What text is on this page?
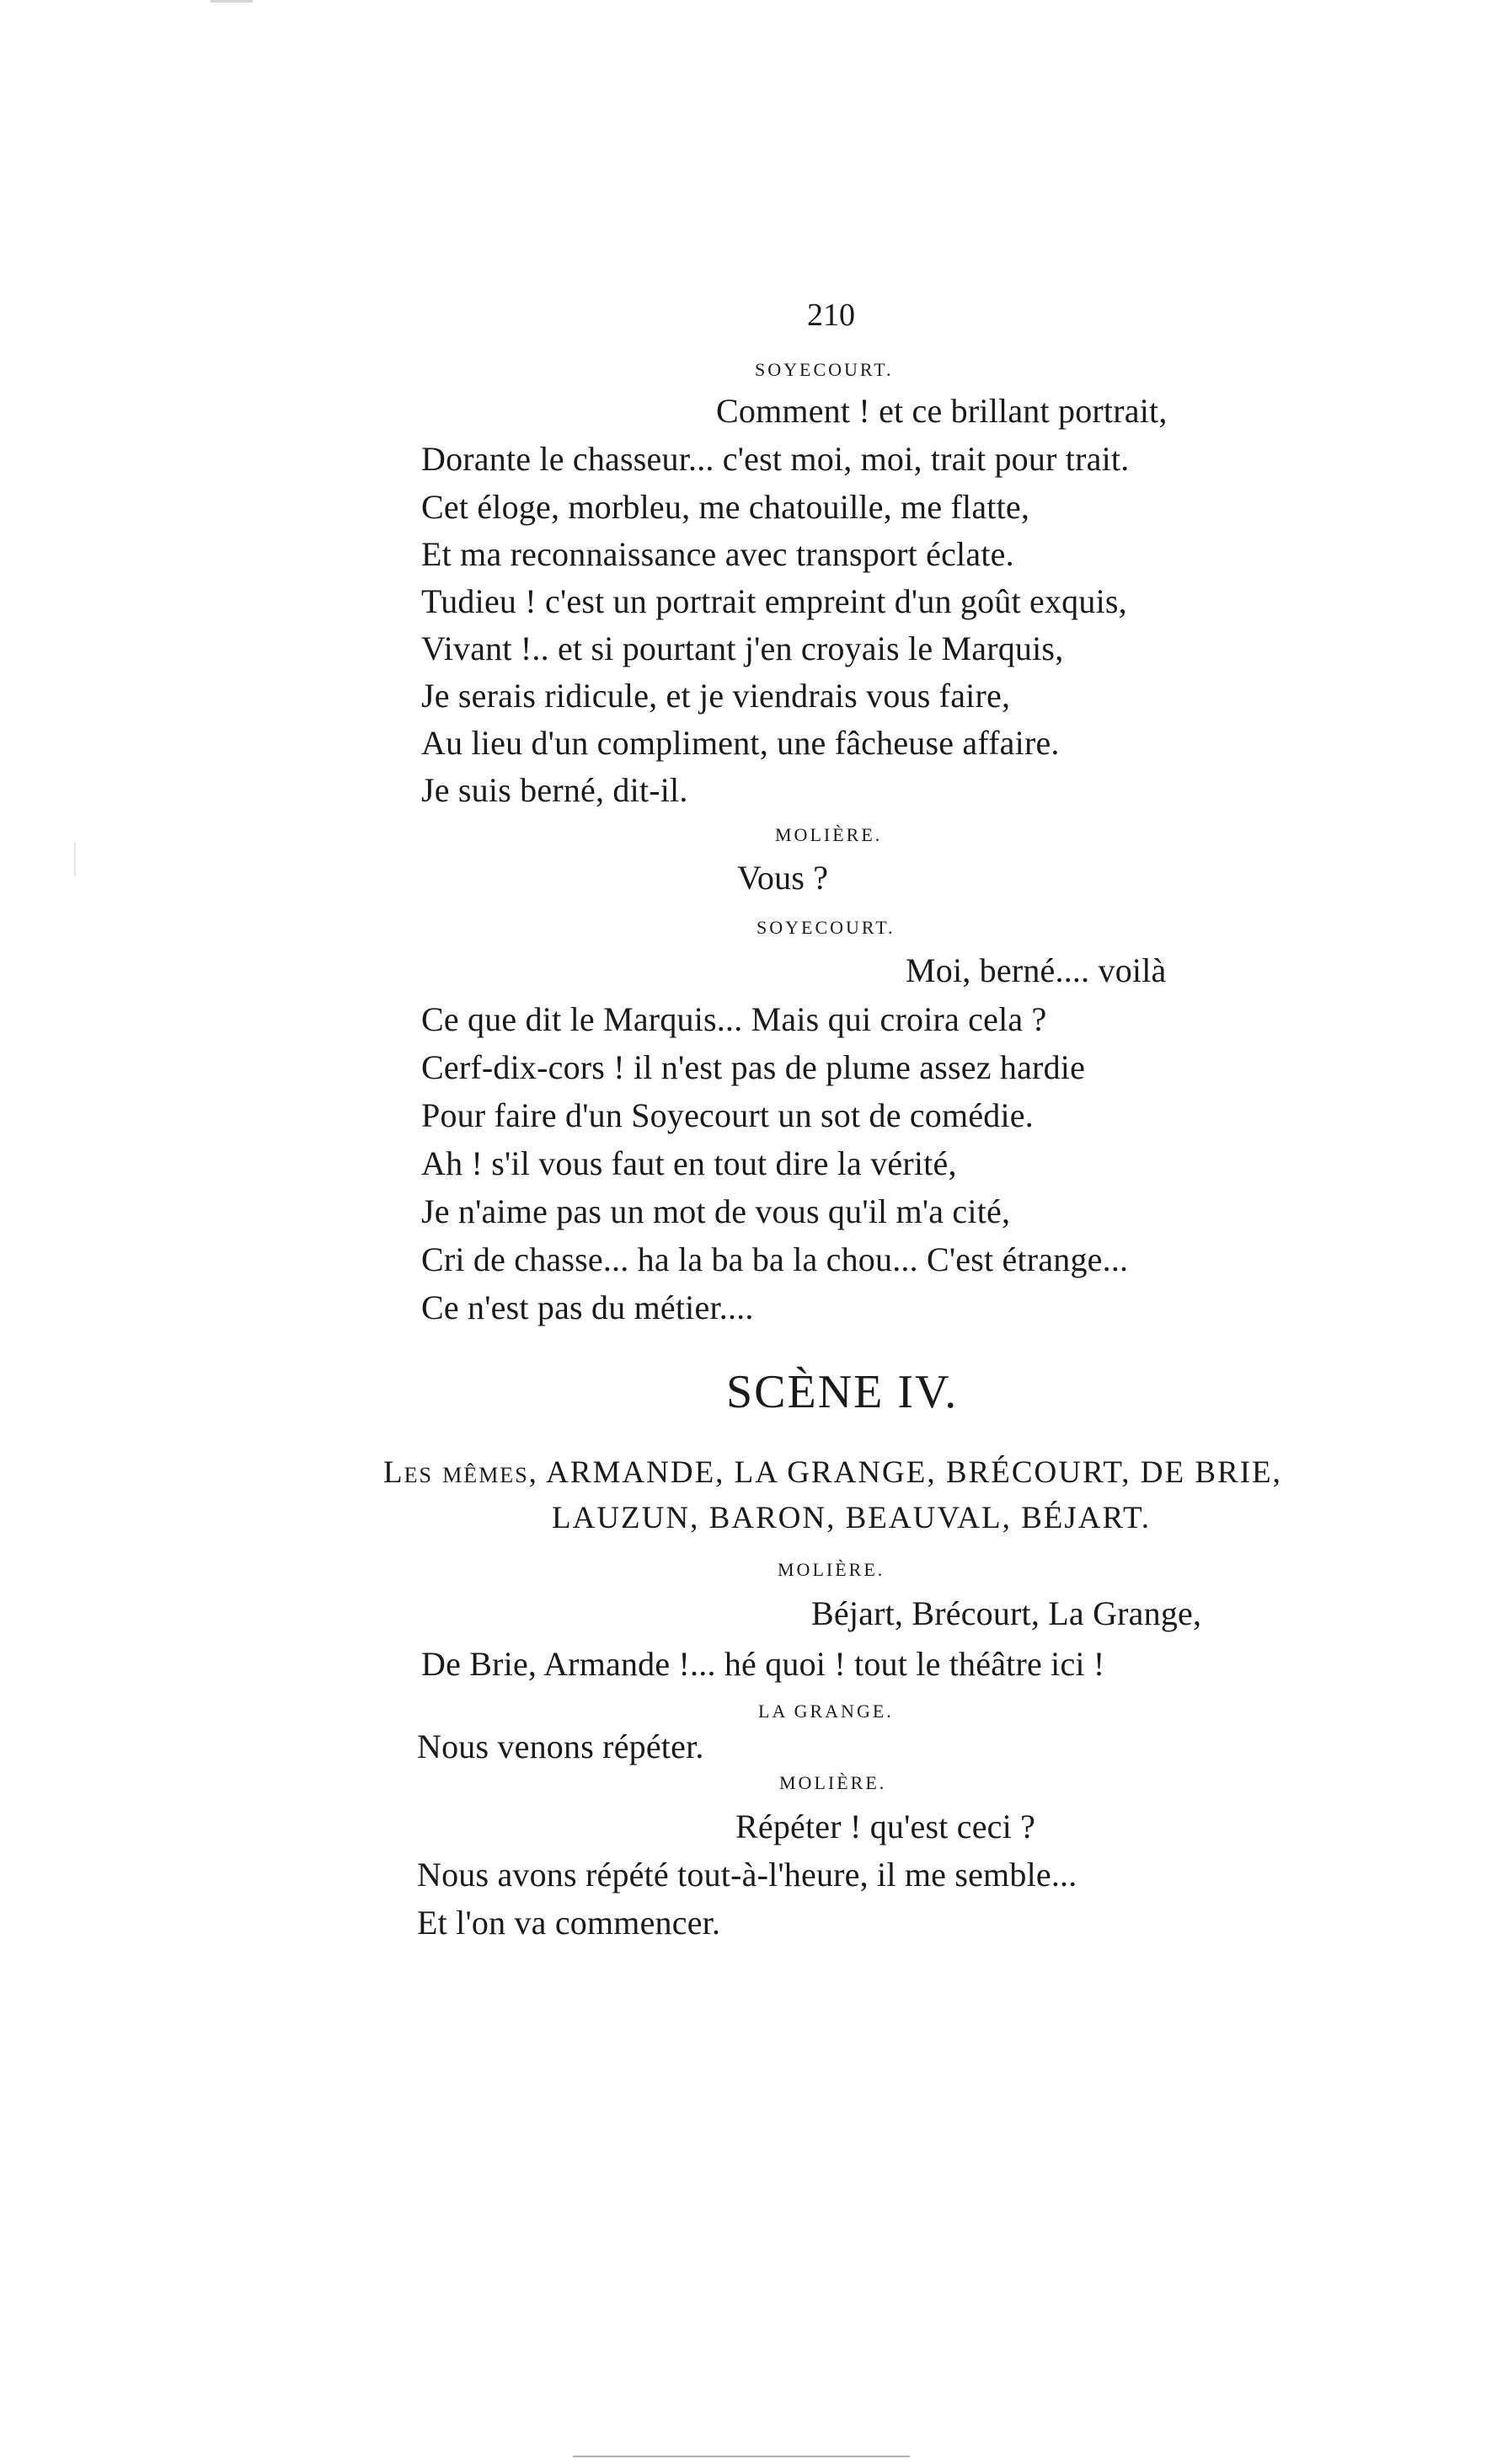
210
SOYECOURT.
Comment ! et ce brillant portrait,
Dorante le chasseur... c'est moi, moi, trait pour trait.
Cet éloge, morbleu, me chatouille, me flatte,
Et ma reconnaissance avec transport éclate.
Tudieu ! c'est un portrait empreint d'un goût exquis,
Vivant !.. et si pourtant j'en croyais le Marquis,
Je serais ridicule, et je viendrais vous faire,
Au lieu d'un compliment, une fâcheuse affaire.
Je suis berné, dit-il.
MOLIÈRE.
Vous ?
SOYECOURT.
Moi, berné.... voilà
Ce que dit le Marquis... Mais qui croira cela ?
Cerf-dix-cors ! il n'est pas de plume assez hardie
Pour faire d'un Soyecourt un sot de comédie.
Ah ! s'il vous faut en tout dire la vérité,
Je n'aime pas un mot de vous qu'il m'a cité,
Cri de chasse... ha la ba ba la chou... C'est étrange...
Ce n'est pas du métier....
SCÈNE IV.
Les mêmes, ARMANDE, LA GRANGE, BRÉCOURT, DE BRIE,
LAUZUN, BARON, BEAUVAL, BÉJART.
MOLIÈRE.
Béjart, Brécourt, La Grange,
De Brie, Armande !... hé quoi ! tout le théâtre ici !
LA GRANGE.
Nous venons répéter.
MOLIÈRE.
Répéter ! qu'est ceci ?
Nous avons répété tout-à-l'heure, il me semble...
Et l'on va commencer.
